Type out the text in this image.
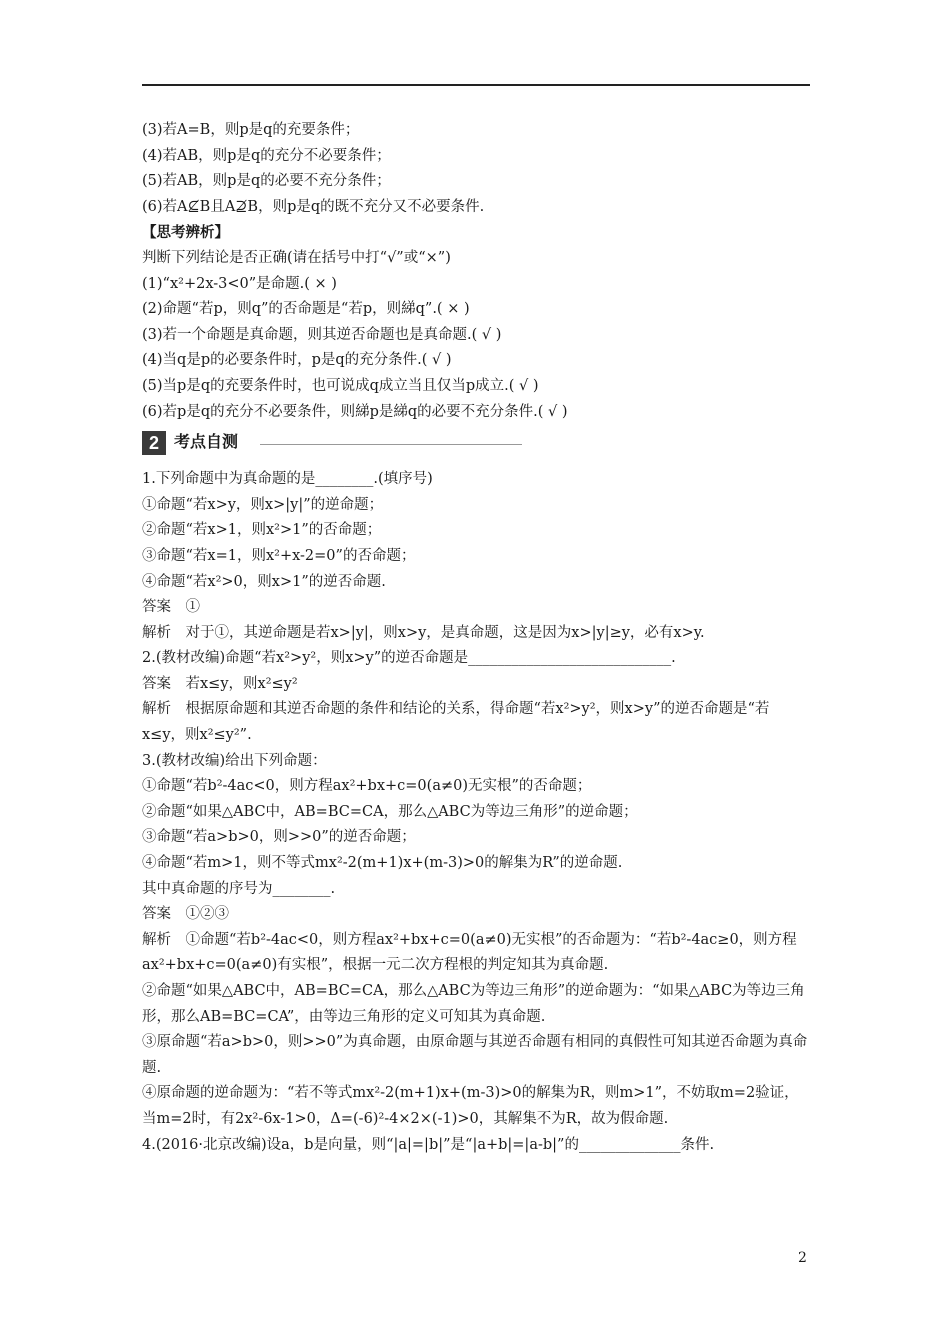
(3)若A=B，则p是q的充要条件；
(4)若AB，则p是q的充分不必要条件；
(5)若AB，则p是q的必要不充分条件；
(6)若A⊈B且A⊉B，则p是q的既不充分又不必要条件.
【思考辨析】
判断下列结论是否正确(请在括号中打“√”或“×”)
(1)“x²+2x-3<0”是命题.( × )
(2)命题“若p，则q”的否命题是“若p，则綈q”.( × )
(3)若一个命题是真命题，则其逆否命题也是真命题.( √ )
(4)当q是p的必要条件时，p是q的充分条件.( √ )
(5)当p是q的充要条件时，也可说成q成立当且仅当p成立.( √ )
(6)若p是q的充分不必要条件，则綈p是綈q的必要不充分条件.( √ )
2 考点自测
1.下列命题中为真命题的是________.(填序号)
①命题“若x>y，则x>|y|”的逆命题；
②命题“若x>1，则x²>1”的否命题；
③命题“若x=1，则x²+x-2=0”的否命题；
④命题“若x²>0，则x>1”的逆否命题.
答案　①
解析　对于①，其逆命题是若x>|y|，则x>y，是真命题，这是因为x>|y|≥y，必有x>y.
2.(教材改编)命题“若x²>y²，则x>y”的逆否命题是____________________________.
答案　若x≤y，则x²≤y²
解析　根据原命题和其逆否命题的条件和结论的关系，得命题“若x²>y²，则x>y”的逆否命题是“若x≤y，则x²≤y²”.
3.(教材改编)给出下列命题：
①命题“若b²-4ac<0，则方程ax²+bx+c=0(a≠0)无实根”的否命题；
②命题“如果△ABC中，AB=BC=CA，那么△ABC为等边三角形”的逆命题；
③命题“若a>b>0，则>>0”的逆否命题；
④命题“若m>1，则不等式mx²-2(m+1)x+(m-3)>0的解集为R”的逆命题.
其中真命题的序号为________.
答案　①②③
解析　①命题“若b²-4ac<0，则方程ax²+bx+c=0(a≠0)无实根”的否命题为：“若b²-4ac≥0，则方程ax²+bx+c=0(a≠0)有实根”，根据一元二次方程根的判定知其为真命题.
②命题“如果△ABC中，AB=BC=CA，那么△ABC为等边三角形”的逆命题为：“如果△ABC为等边三角形，那么AB=BC=CA”，由等边三角形的定义可知其为真命题.
③原命题“若a>b>0，则>>0”为真命题，由原命题与其逆否命题有相同的真假性可知其逆否命题为真命题.
④原命题的逆命题为：“若不等式mx²-2(m+1)x+(m-3)>0的解集为R，则m>1”，不妨取m=2验证，当m=2时，有2x²-6x-1>0，Δ=(-6)²-4×2×(-1)>0，其解集不为R，故为假命题.
4.(2016·北京改编)设a，b是向量，则“|a|=|b|”是“|a+b|=|a-b|”的______________条件.
2
